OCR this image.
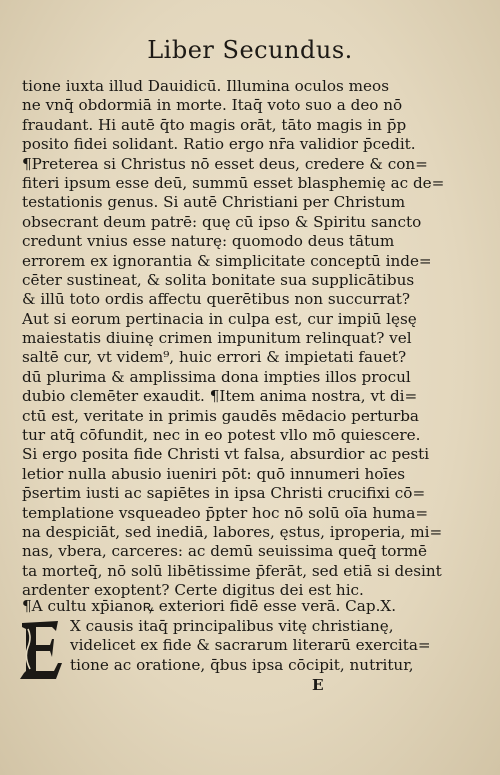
Liber Secundus.
tione iuxta illud Dauidicū. Illumina oculos meos
ne vnq̄ obdormiā in morte. Itaq̄ voto suo a deo nō
fraudant. Hi autē q̄to magis orāt, tāto magis in p̄p
posito fidei solidant. Ratio ergo nr̄a validior p̄cedit.
¶Preterea si Christus nō esset deus, credere & con=
fiteri ipsum esse deū, summū esset blasphemię ac de=
testationis genus. Si autē Christiani per Christum
obsecrant deum patrē: quę cū ipso & Spiritu sancto
credunt vnius esse naturę: quomodo deus tātum
errorem ex ignorantia & simplicitate conceptū inde=
cēter sustineat, & solita bonitate sua supplicātibus
& illū toto ordis affectu querētibus non succurrat?
Aut si eorum pertinacia in culpa est, cur impiū lęsę
maiestatis diuinę crimen impunitum relinquat? vel
saltē cur, vt videm⁹, huic errori & impietati fauet?
dū plurima & amplissima dona impties illos procul
dubio clemēter exaudit. ¶Item anima nostra, vt di=
ctū est, veritate in primis gaudēs mēdacio perturba
tur atq̄ cōfundit, nec in eo potest vllo mō quiescere.
Si ergo posita fide Christi vt falsa, absurdior ac pesti
letior nulla abusio iueniri pōt: quō innumeri hoīes
p̄sertim iusti ac sapiētes in ipsa Christi crucifixi cō=
templatione vsqueadeo p̄pter hoc nō solū oīa huma=
na despiciāt, sed inediā, labores, ęstus, iproperia, mi=
nas, vbera, carceres: ac demū seuissima queq̄ tormē
ta morteq̄, nō solū libētissime p̄ferāt, sed etiā si desint
ardenter exoptent? Certe digitus dei est hic.
¶A cultu xp̄ianoꝶ exteriori fidē esse verā. Cap.X.
X causis itaq̄ principalibus vitę christianę,
videlicet ex fide & sacrarum literarū exercita=
tione ac oratione, q̄bus ipsa cōcipit, nutritur,
E
